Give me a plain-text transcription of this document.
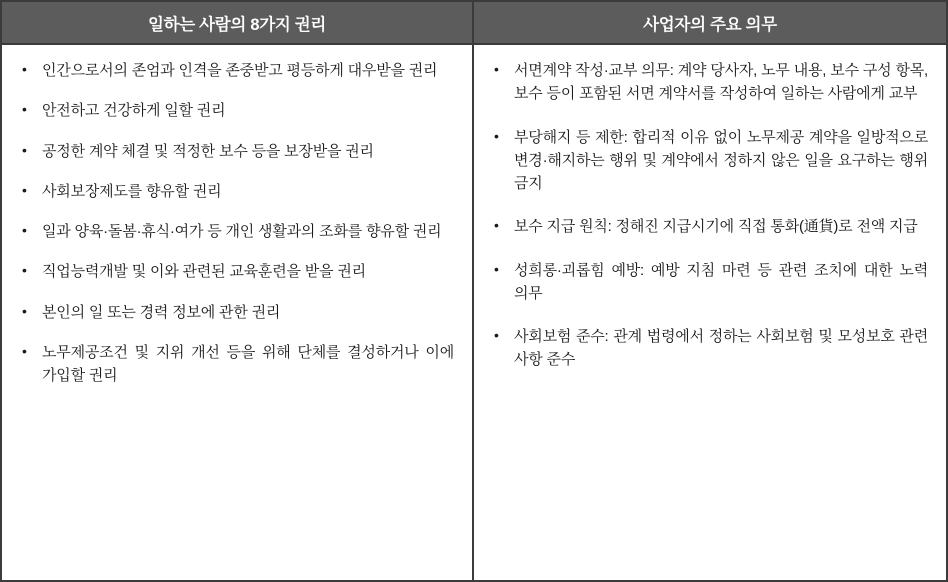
일하는 사람의 8가지 권리	사업자의 주요 의무
• 인간으로서의 존엄과 인격을 존중받고 평등하게 대우받을 권리
• 안전하고 건강하게 일할 권리
• 공정한 계약 체결 및 적정한 보수 등을 보장받을 권리
• 사회보장제도를 향유할 권리
• 일과 양육·돌봄·휴식·여가 등 개인 생활과의 조화를 향유할 권리
• 직업능력개발 및 이와 관련된 교육훈련을 받을 권리
• 본인의 일 또는 경력 정보에 관한 권리
• 노무제공조건 및 지위 개선 등을 위해 단체를 결성하거나 이에 가입할 권리
• 서면계약 작성·교부 의무: 계약 당사자, 노무 내용, 보수 구성 항목, 보수 등이 포함된 서면 계약서를 작성하여 일하는 사람에게 교부
• 부당해지 등 제한: 합리적 이유 없이 노무제공 계약을 일방적으로 변경·해지하는 행위 및 계약에서 정하지 않은 일을 요구하는 행위 금지
• 보수 지급 원칙: 정해진 지급시기에 직접 통화(通貨)로 전액 지급
• 성희롱·괴롭힘 예방: 예방 지침 마련 등 관련 조치에 대한 노력 의무
• 사회보험 준수: 관계 법령에서 정하는 사회보험 및 모성보호 관련 사항 준수
